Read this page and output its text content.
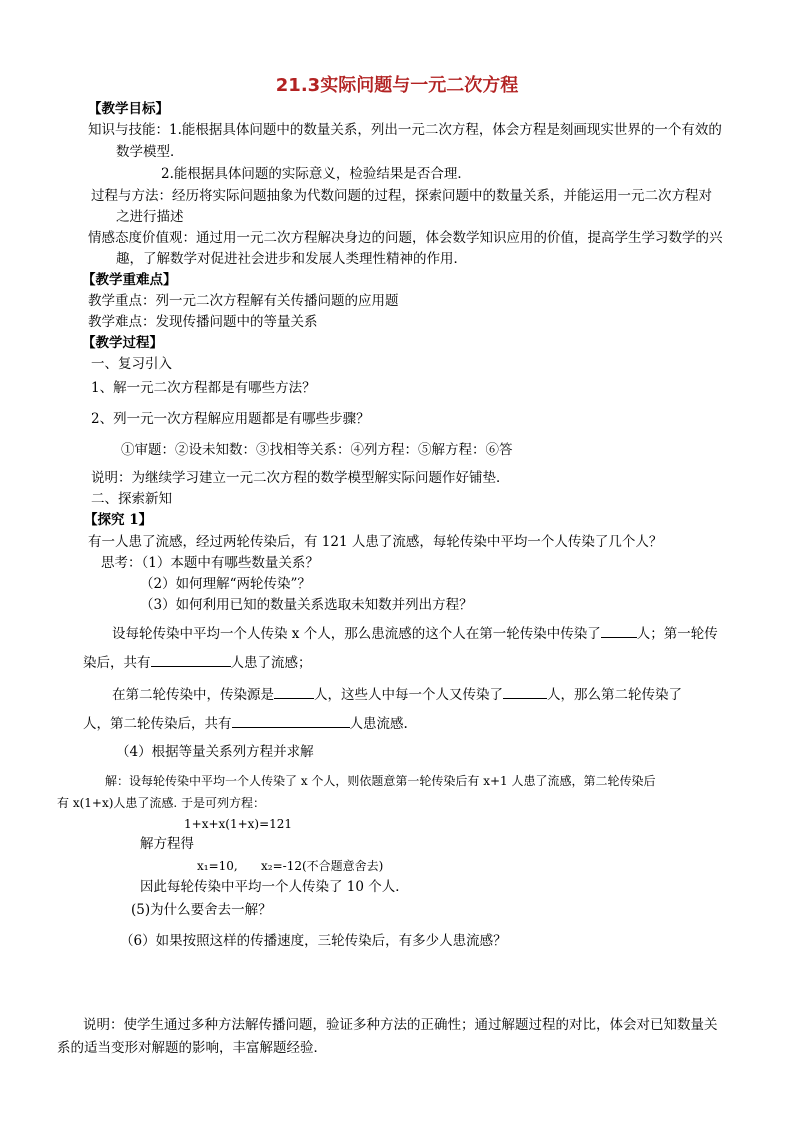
21.3实际问题与一元二次方程
【教学目标】
知识与技能：1.能根据具体问题中的数量关系，列出一元二次方程，体会方程是刻画现实世界的一个有效的
数学模型．
2.能根据具体问题的实际意义，检验结果是否合理．
过程与方法：经历将实际问题抽象为代数问题的过程，探索问题中的数量关系，并能运用一元二次方程对
之进行描述
情感态度价值观：通过用一元二次方程解决身边的问题，体会数学知识应用的价值，提高学生学习数学的兴
趣，了解数学对促进社会进步和发展人类理性精神的作用．
【教学重难点】
教学重点：列一元二次方程解有关传播问题的应用题
教学难点：发现传播问题中的等量关系
【教学过程】
一、复习引入
1、解一元二次方程都是有哪些方法？
2、列一元一次方程解应用题都是有哪些步骤？
①审题：②设未知数：③找相等关系：④列方程：⑤解方程：⑥答
说明：为继续学习建立一元二次方程的数学模型解实际问题作好铺垫．
二、探索新知
【探究 1】
有一人患了流感，经过两轮传染后，有 121 人患了流感，每轮传染中平均一个人传染了几个人？
思考：（1）本题中有哪些数量关系？
（2）如何理解“两轮传染”？
（3）如何利用已知的数量关系选取未知数并列出方程？
设每轮传染中平均一个人传染 x 个人，那么患流感的这个人在第一轮传染中传染了	人；第一轮传
染后，共有	人患了流感；
在第二轮传染中，传染源是	人，这些人中每一个人又传染了	人，那么第二轮传染了
人，第二轮传染后，共有	人患流感.
（4）根据等量关系列方程并求解
解：设每轮传染中平均一个人传染了 x 个人，则依题意第一轮传染后有 x+1 人患了流感，第二轮传染后
有 x(1+x)人患了流感. 于是可列方程：
1+x+x(1+x)=121
解方程得
x₁=10, x₂=-12(不合题意舍去)
因此每轮传染中平均一个人传染了 10 个人．
(5)为什么要舍去一解？
（6）如果按照这样的传播速度，三轮传染后，有多少人患流感？
说明：使学生通过多种方法解传播问题，验证多种方法的正确性；通过解题过程的对比，体会对已知数量关
系的适当变形对解题的影响，丰富解题经验．
